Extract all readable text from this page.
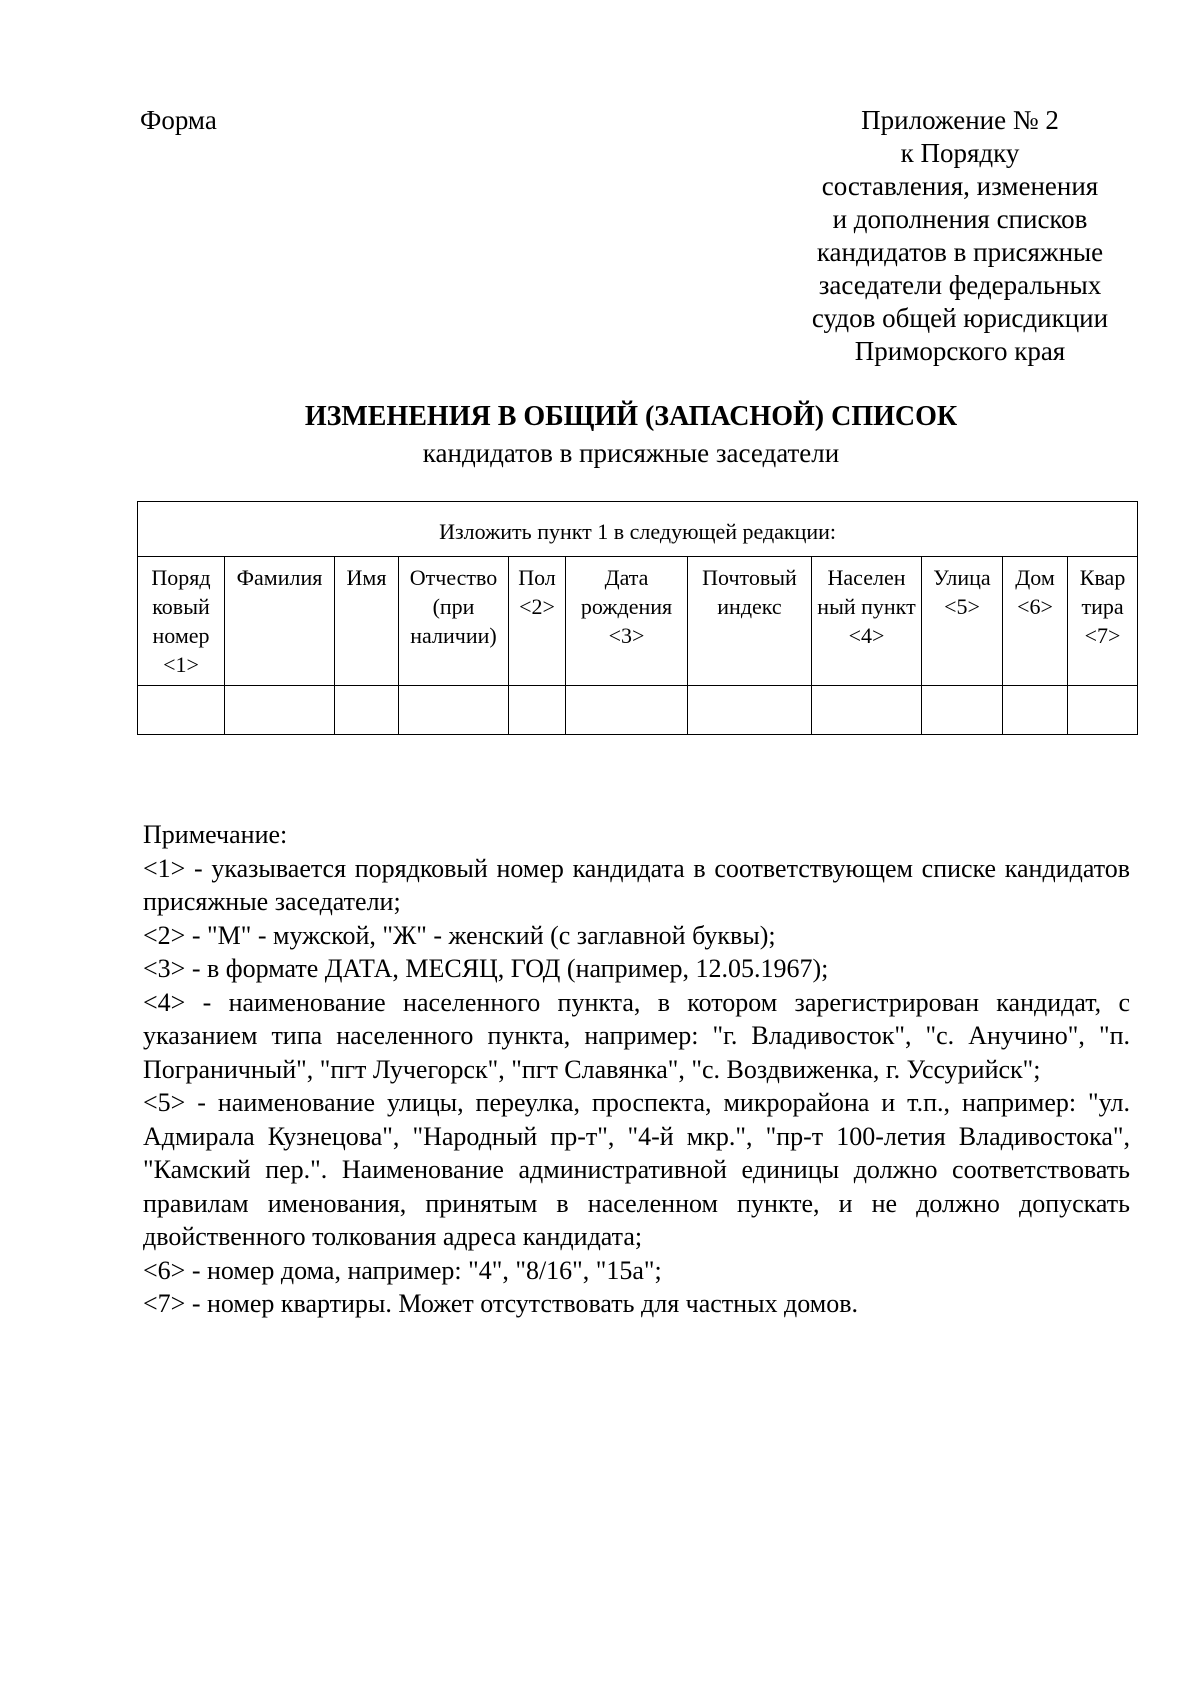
Форма	Приложение № 2
к Порядку
составления, изменения
и дополнения списков
кандидатов в присяжные
заседатели федеральных
судов общей юрисдикции
Приморского края
ИЗМЕНЕНИЯ В ОБЩИЙ (ЗАПАСНОЙ) СПИСОК
кандидатов в присяжные заседатели
Изложить пункт 1 в следующей редакции:										
Поряд ковый номер <1>	Фамилия	Имя	Отчество (при наличии)	Пол <2>	Дата рождения <3>	Почтовый индекс	Населен ный пункт <4>	Улица <5>	Дом <6>	Квар тира <7>

Примечание:

<1> - указывается порядковый номер кандидата в соответствующем списке кандидатов присяжные заседатели;

<2> - "М" - мужской, "Ж" - женский (с заглавной буквы);

<3> - в формате ДАТА, МЕСЯЦ, ГОД (например, 12.05.1967);

<4> - наименование населенного пункта, в котором зарегистрирован кандидат, с указанием типа населенного пункта, например: "г. Владивосток", "с. Анучино", "п. Пограничный", "пгт Лучегорск", "пгт Славянка", "с. Воздвиженка, г. Уссурийск";

<5> - наименование улицы, переулка, проспекта, микрорайона и т.п., например: "ул. Адмирала Кузнецова", "Народный пр-т", "4-й мкр.", "пр-т 100-летия Владивостока", "Камский пер.". Наименование административной единицы должно соответствовать правилам именования, принятым в населенном пункте, и не должно допускать двойственного толкования адреса кандидата;

<6> - номер дома, например: "4", "8/16", "15а";

<7> - номер квартиры. Может отсутствовать для частных домов.
